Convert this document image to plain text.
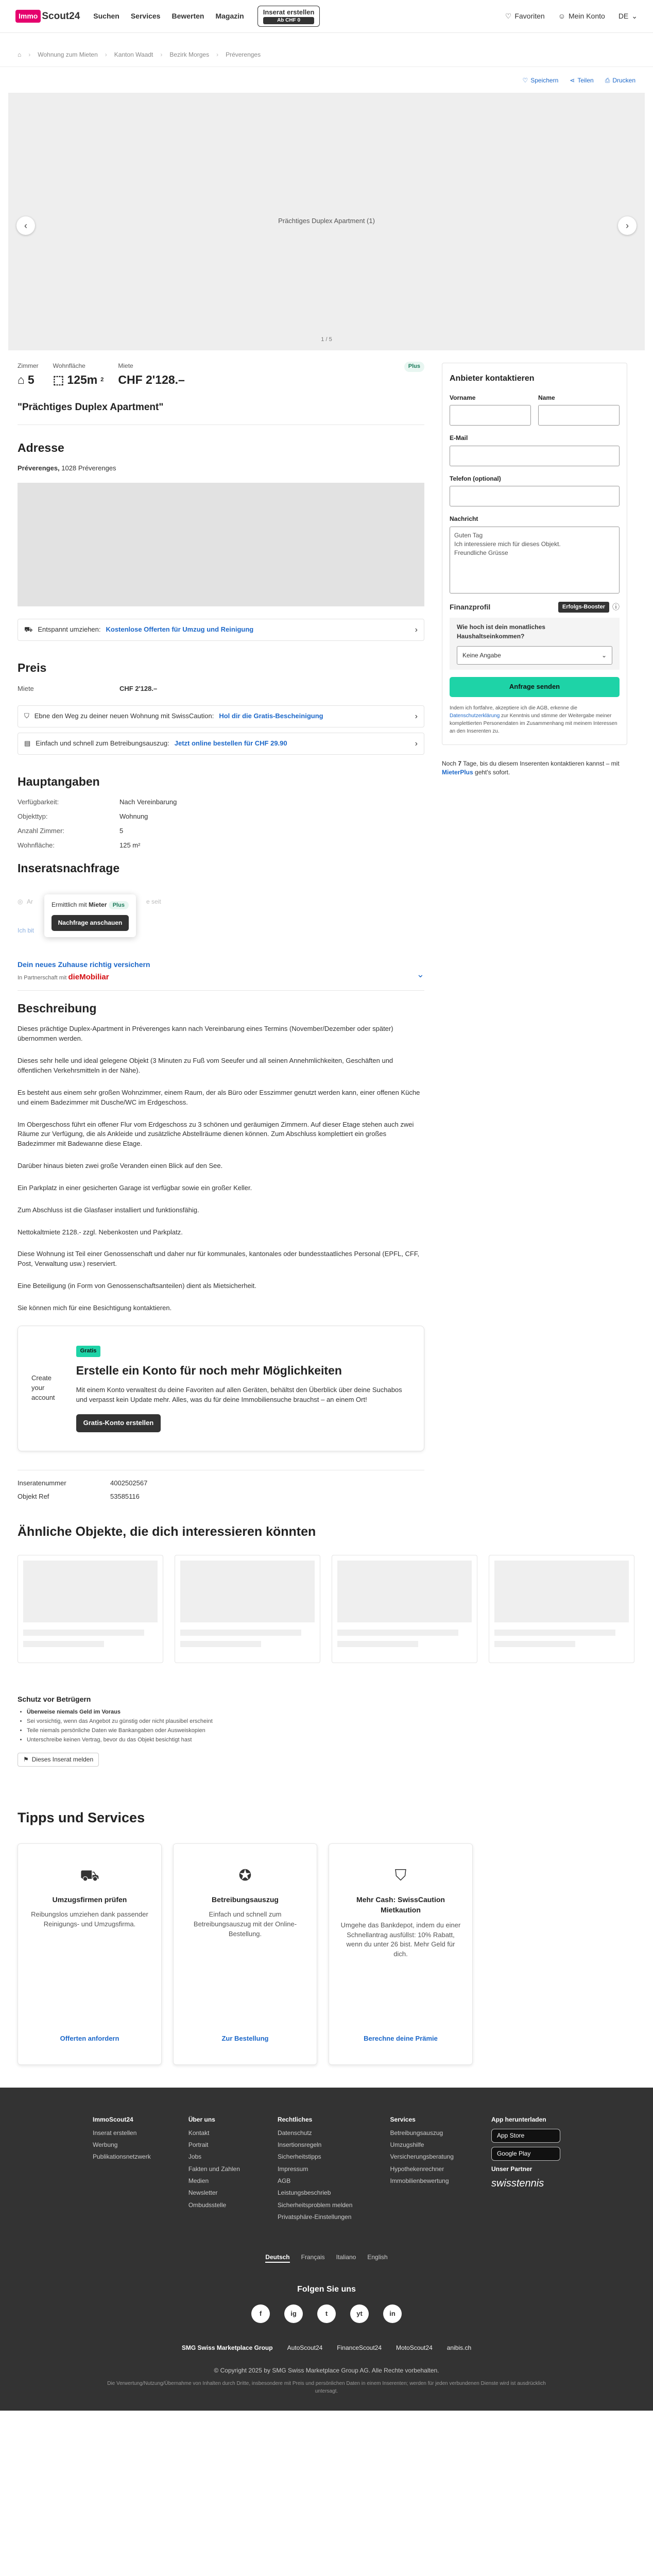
Immo Scout24 Suchen Services Bewerten Magazin
Inserat erstellen
Ab CHF 0
♡ Favoriten ☺ Mein Konto DE ⌄
⌂ › Wohnung zum Mieten › Kanton Waadt › Bezirk Morges › Préverenges
♡ Speichern ⋖ Teilen ⎙ Drucken
Prächtiges Duplex Apartment (1)
‹	›
1 / 5
Zimmer
⌂ 5
Wohnfläche
⬚ 125m 2
Miete
CHF 2'128.–
Plus
"Prächtiges Duplex Apartment"
Adresse
Préverenges, 1028 Préverenges
⛟ Entspannt umziehen: Kostenlose Offerten für Umzug und Reinigung	›
Preis
Miete	CHF 2'128.–
⛉ Ebne den Weg zu deiner neuen Wohnung mit SwissCaution: Hol dir die Gratis-Bescheinigung	›
▤ Einfach und schnell zum Betreibungsauszug: Jetzt online bestellen für CHF 29.90	›
Hauptangaben
Verfügbarkeit:	Nach Vereinbarung
Objekttyp:	Wohnung
Anzahl Zimmer:	5
Wohnfläche:	125 m²
Inseratsnachfrage
◎ Ar	e seit
Ich bit
Ermittlich mit Mieter Plus
Nachfrage anschauen
Dein neues Zuhause richtig versichern
In Partnerschaft mit dieMobiliar	⌄
Beschreibung

Dieses prächtige Duplex-Apartment in Préverenges kann nach Vereinbarung eines Termins (November/Dezember oder später) übernommen werden.

Dieses sehr helle und ideal gelegene Objekt (3 Minuten zu Fuß vom Seeufer und all seinen Annehmlichkeiten, Geschäften und öffentlichen Verkehrsmitteln in der Nähe).

Es besteht aus einem sehr großen Wohnzimmer, einem Raum, der als Büro oder Esszimmer genutzt werden kann, einer offenen Küche und einem Badezimmer mit Dusche/WC im Erdgeschoss.

Im Obergeschoss führt ein offener Flur vom Erdgeschoss zu 3 schönen und geräumigen Zimmern. Auf dieser Etage stehen auch zwei Räume zur Verfügung, die als Ankleide und zusätzliche Abstellräume dienen können. Zum Abschluss komplettiert ein großes Badezimmer mit Badewanne diese Etage.

Darüber hinaus bieten zwei große Veranden einen Blick auf den See.

Ein Parkplatz in einer gesicherten Garage ist verfügbar sowie ein großer Keller.

Zum Abschluss ist die Glasfaser installiert und funktionsfähig.

Nettokaltmiete 2128.- zzgl. Nebenkosten und Parkplatz.

Diese Wohnung ist Teil einer Genossenschaft und daher nur für kommunales, kantonales oder bundesstaatliches Personal (EPFL, CFF, Post, Verwaltung usw.) reserviert.

Eine Beteiligung (in Form von Genossenschaftsanteilen) dient als Mietsicherheit.

Sie können mich für eine Besichtigung kontaktieren.

Create your account
Gratis
Erstelle ein Konto für noch mehr Möglichkeiten

Mit einem Konto verwaltest du deine Favoriten auf allen Geräten, behältst den Überblick über deine Suchabos und verpasst kein Update mehr. Alles, was du für deine Immobiliensuche brauchst – an einem Ort!

Gratis-Konto erstellen
Inseratenummer	4002502567
Objekt Ref	53585116
Anbieter kontaktieren
Vorname	Name
E-Mail
Telefon (optional)
Nachricht
Guten Tag
Ich interessiere mich für dieses Objekt.
Freundliche Grüsse
Finanzprofil	Erfolgs-Booster	ⓘ

Wie hoch ist dein monatliches Haushaltseinkommen?

Keine Angabe	⌄
Anfrage senden
Indem ich fortfahre, akzeptiere ich die AGB, erkenne die Datenschutzerklärung zur Kenntnis und stimme der Weitergabe meiner komplettierten Personendaten im Zusammenhang mit meinem Interessen an den Inserenten zu.
Noch 7 Tage, bis du diesem Inserenten kontaktieren kannst – mit MieterPlus geht's sofort.
Ähnliche Objekte, die dich interessieren könnten
Schutz vor Betrügern
• Überweise niemals Geld im Voraus
• Sei vorsichtig, wenn das Angebot zu günstig oder nicht plausibel erscheint
• Teile niemals persönliche Daten wie Bankangaben oder Ausweiskopien
• Unterschreibe keinen Vertrag, bevor du das Objekt besichtigt hast
⚑ Dieses Inserat melden
Tipps und Services
⛟
Umzugsfirmen prüfen

Reibungslos umziehen dank passender Reinigungs- und Umzugsfirma.

Offerten anfordern
✪
Betreibungsauszug

Einfach und schnell zum Betreibungsauszug mit der Online-Bestellung.

Zur Bestellung
⛉
Mehr Cash: SwissCaution Mietkaution

Umgehe das Bankdepot, indem du einer Schnellantrag ausfüllst: 10% Rabatt, wenn du unter 26 bist. Mehr Geld für dich.

Berechne deine Prämie
ImmoScout24
Inserat erstellen
Werbung
Publikationsnetzwerk
Über uns
Kontakt
Portrait
Jobs
Fakten und Zahlen
Medien
Newsletter
Ombudsstelle
Rechtliches
Datenschutz
Insertionsregeln
Sicherheitstipps
Impressum
AGB
Leistungsbeschrieb
Sicherheitsproblem melden
Privatsphäre-Einstellungen
Services
Betreibungsauszug
Umzugshilfe
Versicherungsberatung
Hypothekenrechner
Immobilienbewertung
App herunterladen
App Store
Google Play
Unser Partner
swisstennis
Deutsch Français Italiano English
Folgen Sie uns
f	ig	t	yt	in
SMG Swiss Marketplace Group AutoScout24 FinanceScout24 MotoScout24 anibis.ch
© Copyright 2025 by SMG Swiss Marketplace Group AG. Alle Rechte vorbehalten.
Die Verwertung/Nutzung/Übernahme von Inhalten durch Dritte, insbesondere mit Preis und persönlichen Daten in einem Inserenten; werden für jeden verbundenen Dienste wird ist ausdrücklich untersagt.
